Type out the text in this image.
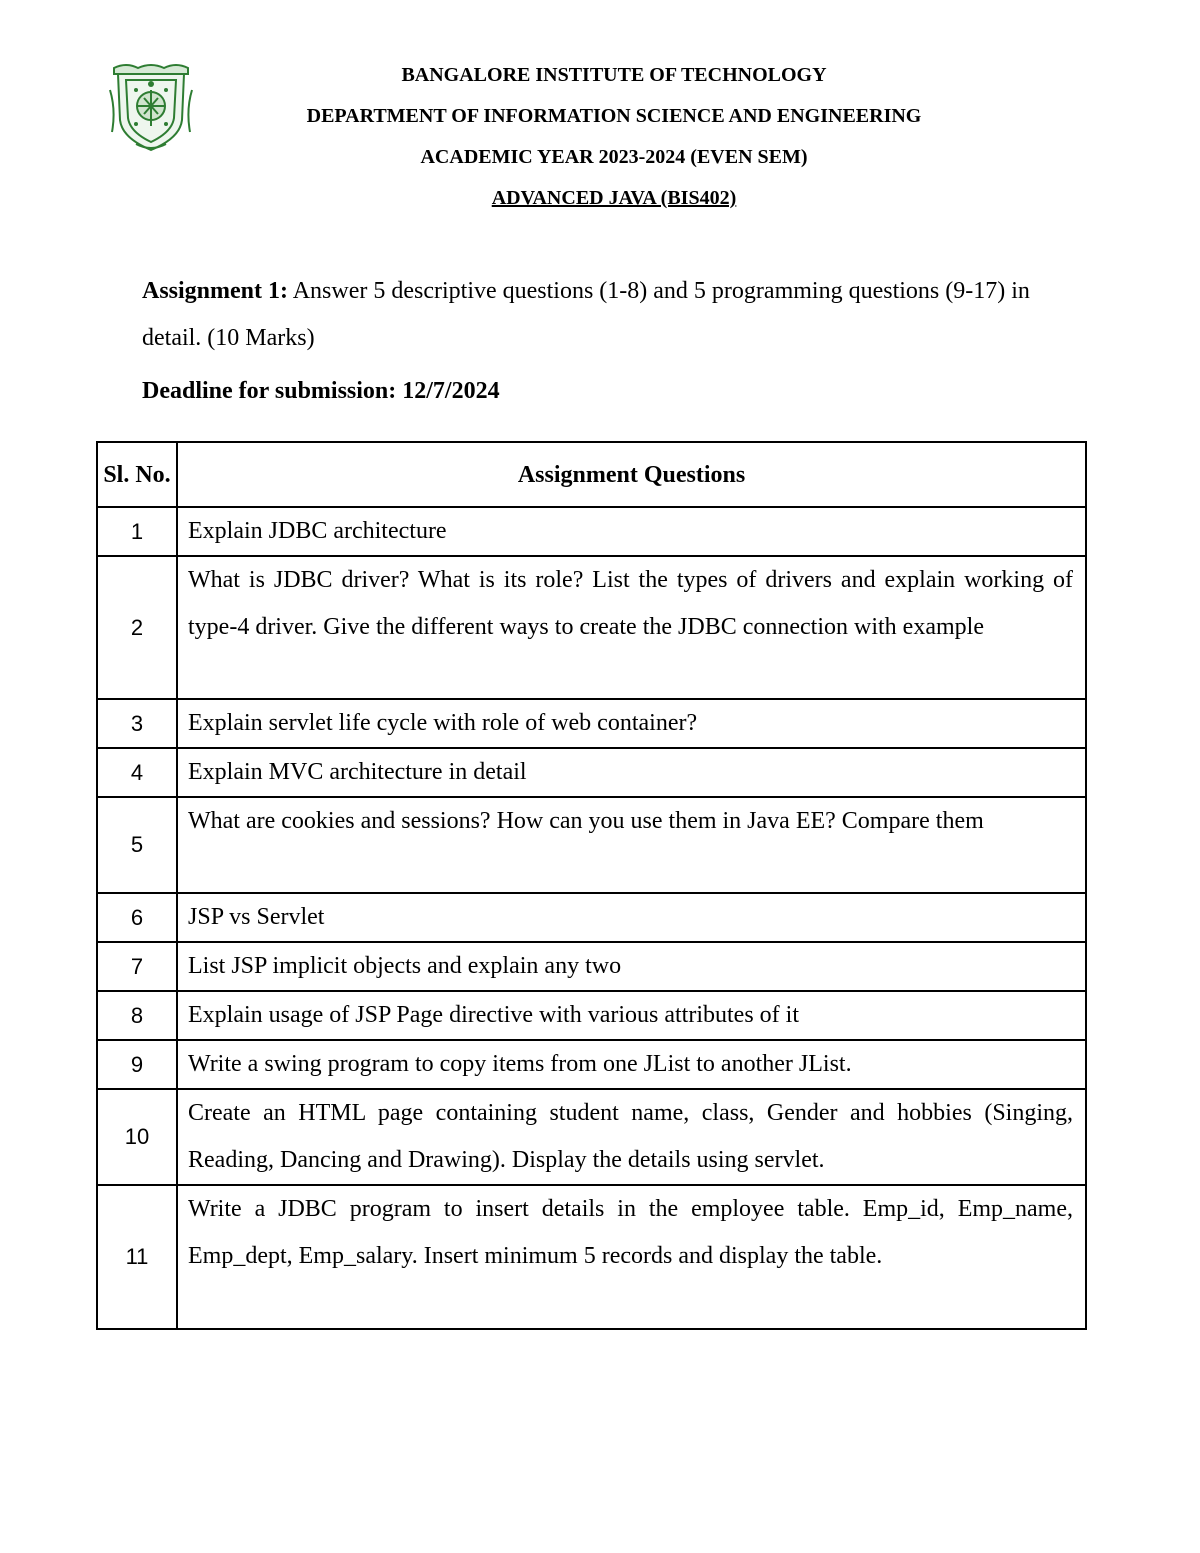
BANGALORE INSTITUTE OF TECHNOLOGY
DEPARTMENT OF INFORMATION SCIENCE AND ENGINEERING
ACADEMIC YEAR 2023-2024 (EVEN SEM)
ADVANCED JAVA (BIS402)
Assignment 1: Answer 5 descriptive questions (1-8) and 5 programming questions (9-17) in detail. (10 Marks)
Deadline for submission: 12/7/2024
Sl. No.	Assignment Questions
1	Explain JDBC architecture
2	What is JDBC driver? What is its role? List the types of drivers and explain working of type-4 driver. Give the different ways to create the JDBC connection with example
3	Explain servlet life cycle with role of web container?
4	Explain MVC architecture in detail
5	What are cookies and sessions? How can you use them in Java EE? Compare them
6	JSP vs Servlet
7	List JSP implicit objects and explain any two
8	Explain usage of JSP Page directive with various attributes of it
9	Write a swing program to copy items from one JList to another JList.
10	Create an HTML page containing student name, class, Gender and hobbies (Singing, Reading, Dancing and Drawing). Display the details using servlet.
11	Write a JDBC program to insert details in the employee table. Emp_id, Emp_name, Emp_dept, Emp_salary. Insert minimum 5 records and display the table.
